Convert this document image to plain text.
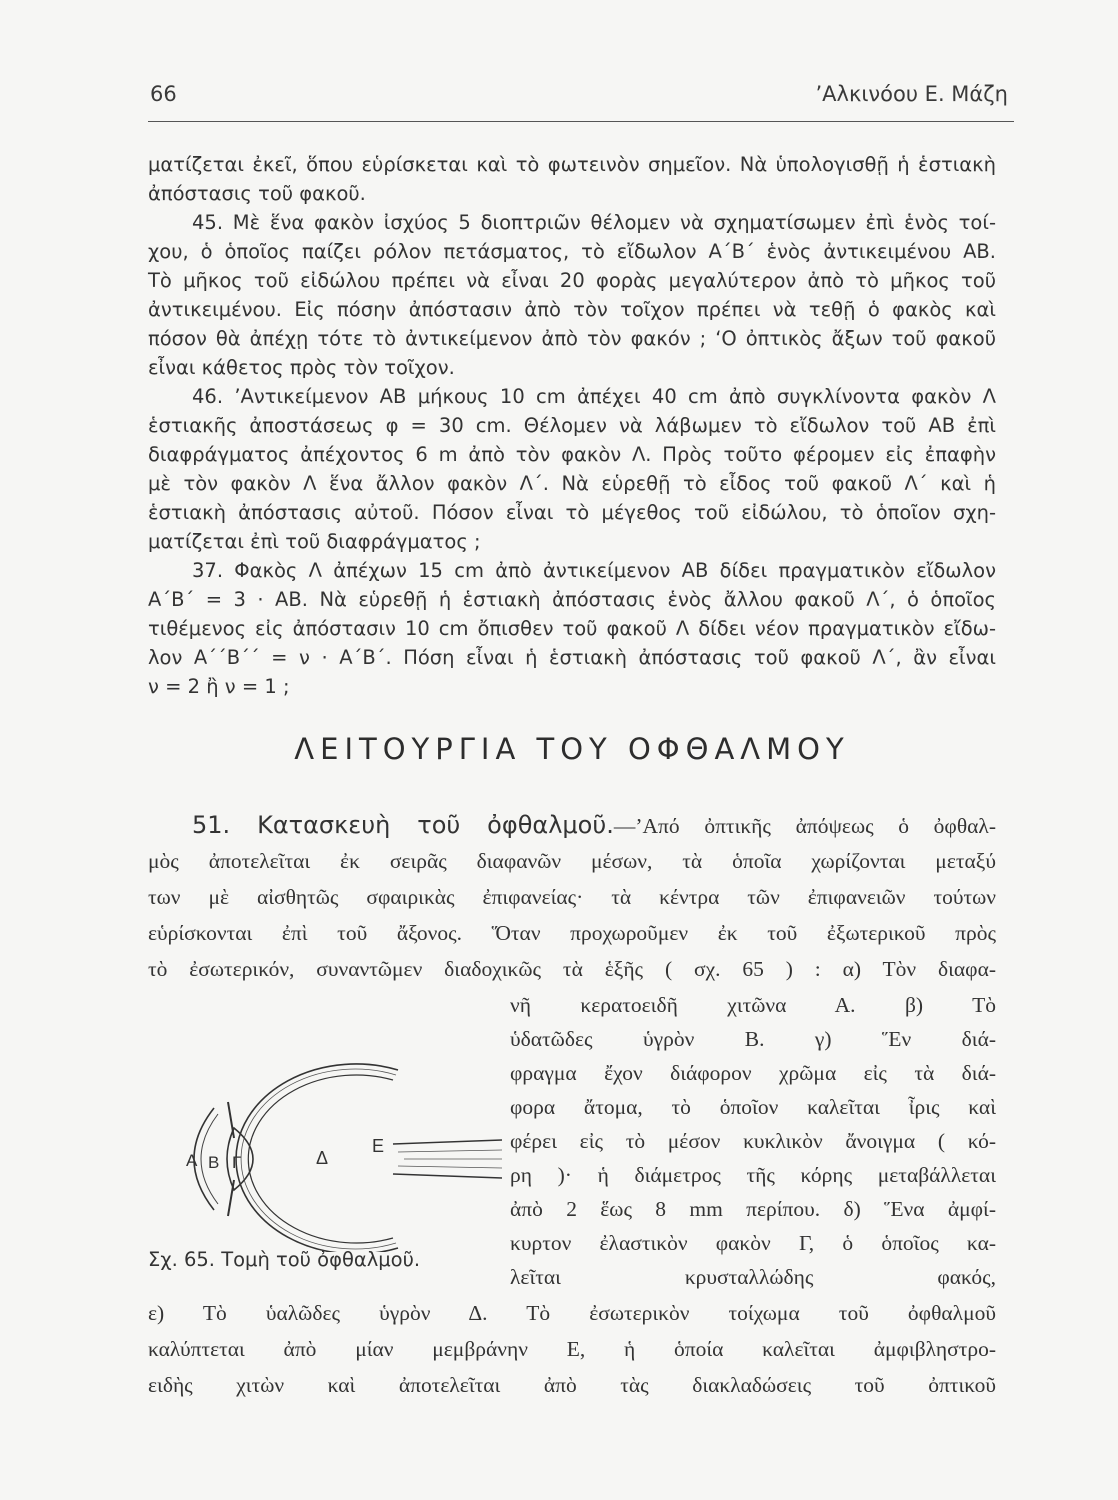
66	’Αλκινόου Ε. Μάζη
ματίζεται ἐκεῖ, ὅπου εὑρίσκεται καὶ τὸ φωτεινὸν σημεῖον. Νὰ ὑπολογισθῇ ἡ ἑστιακὴ
ἀπόστασις τοῦ φακοῦ.
45. Μὲ ἕνα φακὸν ἰσχύος 5 διοπτριῶν θέλομεν νὰ σχηματίσωμεν ἐπὶ ἑνὸς τοί-
χου, ὁ ὁποῖος παίζει ρόλον πετάσματος, τὸ εἴδωλον Α΄Β΄ ἑνὸς ἀντικειμένου ΑΒ.
Τὸ μῆκος τοῦ εἰδώλου πρέπει νὰ εἶναι 20 φορὰς μεγαλύτερον ἀπὸ τὸ μῆκος τοῦ
ἀντικειμένου. Εἰς πόσην ἀπόστασιν ἀπὸ τὸν τοῖχον πρέπει νὰ τεθῇ ὁ φακὸς καὶ
πόσον θὰ ἀπέχῃ τότε τὸ ἀντικείμενον ἀπὸ τὸν φακόν ; ‘Ο ὀπτικὸς ἄξων τοῦ φακοῦ
εἶναι κάθετος πρὸς τὸν τοῖχον.
46. ’Αντικείμενον ΑΒ μήκους 10 cm ἀπέχει 40 cm ἀπὸ συγκλίνοντα φακὸν Λ
ἑστιακῆς ἀποστάσεως φ = 30 cm. Θέλομεν νὰ λάβωμεν τὸ εἴδωλον τοῦ ΑΒ ἐπὶ
διαφράγματος ἀπέχοντος 6 m ἀπὸ τὸν φακὸν Λ. Πρὸς τοῦτο φέρομεν εἰς ἐπαφὴν
μὲ τὸν φακὸν Λ ἕνα ἄλλον φακὸν Λ΄. Νὰ εὑρεθῇ τὸ εἶδος τοῦ φακοῦ Λ΄ καὶ ἡ
ἑστιακὴ ἀπόστασις αὐτοῦ. Πόσον εἶναι τὸ μέγεθος τοῦ εἰδώλου, τὸ ὁποῖον σχη-
ματίζεται ἐπὶ τοῦ διαφράγματος ;
37. Φακὸς Λ ἀπέχων 15 cm ἀπὸ ἀντικείμενον ΑΒ δίδει πραγματικὸν εἴδωλον
Α΄Β΄ = 3 · ΑΒ. Νὰ εὑρεθῇ ἡ ἑστιακὴ ἀπόστασις ἑνὸς ἄλλου φακοῦ Λ΄, ὁ ὁποῖος
τιθέμενος εἰς ἀπόστασιν 10 cm ὄπισθεν τοῦ φακοῦ Λ δίδει νέον πραγματικὸν εἴδω-
λον Α΄΄Β΄΄ = ν · Α΄Β΄. Πόση εἶναι ἡ ἑστιακὴ ἀπόστασις τοῦ φακοῦ Λ΄, ἂν εἶναι
ν = 2 ἢ ν = 1 ;
ΛΕΙΤΟΥΡΓΙΑ ΤΟΥ ΟΦΘΑΛΜΟΥ
51. Κατασκευὴ τοῦ ὀφθαλμοῦ.—’Από ὀπτικῆς ἀπόψεως ὁ ὀφθαλ-
μὸς ἀποτελεῖται ἐκ σειρᾶς διαφανῶν μέσων, τὰ ὁποῖα χωρίζονται μεταξύ
των μὲ αἰσθητῶς σφαιρικὰς ἐπιφανείας· τὰ κέντρα τῶν ἐπιφανειῶν τούτων
εὑρίσκονται ἐπὶ τοῦ ἄξονος. Ὅταν προχωροῦμεν ἐκ τοῦ ἐξωτερικοῦ πρὸς
τὸ ἐσωτερικόν, συναντῶμεν διαδοχικῶς τὰ ἑξῆς ( σχ. 65 ) : α) Τὸν διαφα-
νῆ κερατοειδῆ χιτῶνα Α. β) Τὸ
ὑδατῶδες ὑγρὸν Β. γ) Ἕν διά-
φραγμα ἔχον διάφορον χρῶμα εἰς τὰ διά-
φορα ἄτομα, τὸ ὁποῖον καλεῖται ἶρις καὶ
φέρει εἰς τὸ μέσον κυκλικὸν ἄνοιγμα ( κό-
ρη )· ἡ διάμετρος τῆς κόρης μεταβάλλεται
ἀπὸ 2 ἕως 8 mm περίπου. δ) Ἕνα ἀμφί-
κυρτον ἐλαστικὸν φακὸν Γ, ὁ ὁποῖος κα-
λεῖται κρυσταλλώδης φακός,
Α Β Γ	Δ
Ε
Σχ. 65. Τομὴ τοῦ ὀφθαλμοῦ.
ε) Τὸ ὑαλῶδες ὑγρὸν Δ. Τὸ ἐσωτερικὸν τοίχωμα τοῦ ὀφθαλμοῦ
καλύπτεται ἀπὸ μίαν μεμβράνην Ε, ἡ ὁποία καλεῖται ἀμφιβληστρο-
ειδὴς χιτὼν καὶ ἀποτελεῖται ἀπὸ τὰς διακλαδώσεις τοῦ ὀπτικοῦ
